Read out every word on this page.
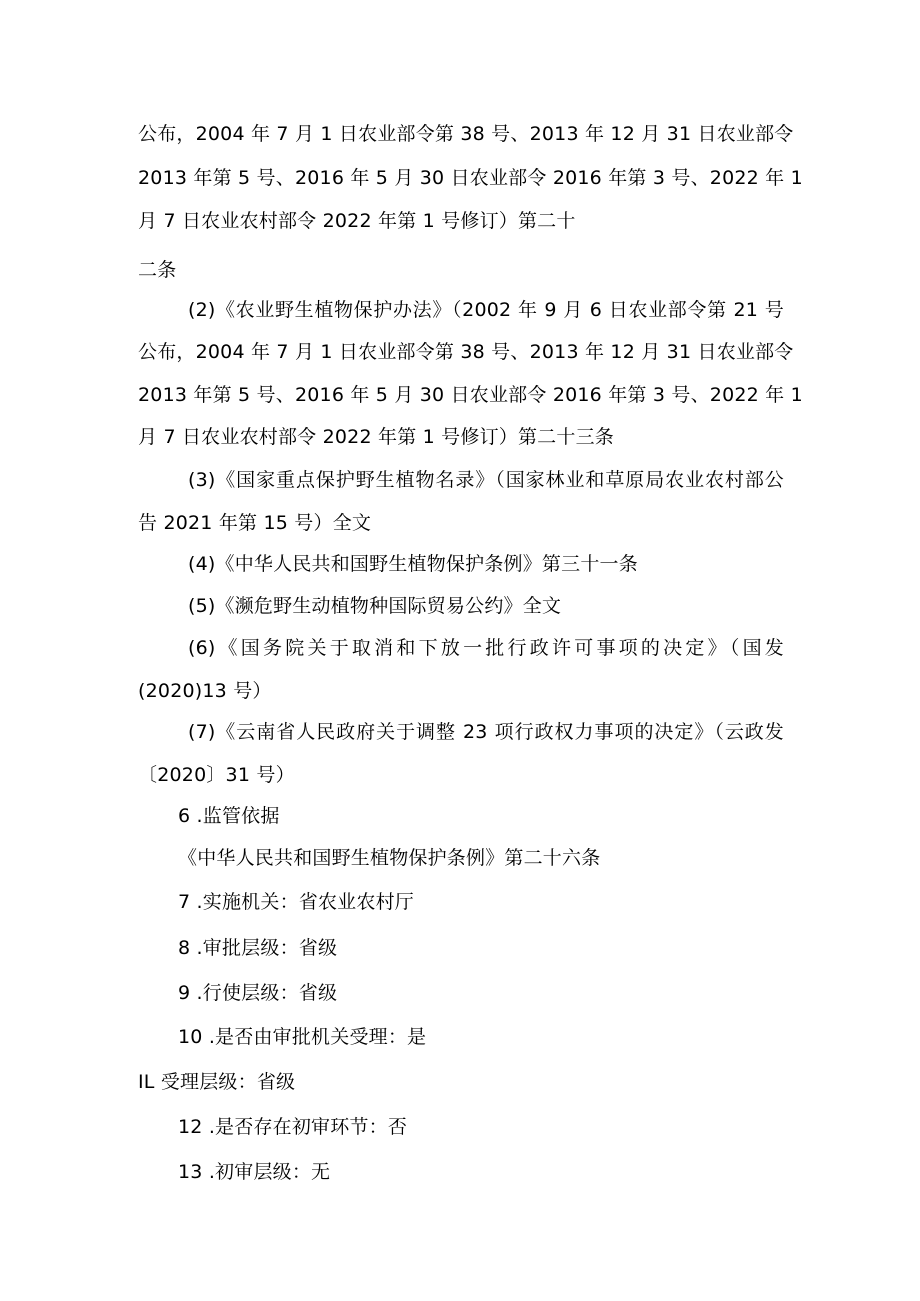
公布，2004 年 7 月 1 日农业部令第 38 号、2013 年 12 月 31 日农业部令
2013 年第 5 号、2016 年 5 月 30 日农业部令 2016 年第 3 号、2022 年 1
月 7 日农业农村部令 2022 年第 1 号修订）第二十
二条
(2)《农业野生植物保护办法》（2002 年 9 月 6 日农业部令第 21 号
公布，2004 年 7 月 1 日农业部令第 38 号、2013 年 12 月 31 日农业部令
2013 年第 5 号、2016 年 5 月 30 日农业部令 2016 年第 3 号、2022 年 1
月 7 日农业农村部令 2022 年第 1 号修订）第二十三条
(3)《国家重点保护野生植物名录》（国家林业和草原局农业农村部公
告 2021 年第 15 号）全文
(4)《中华人民共和国野生植物保护条例》第三十一条
(5)《濒危野生动植物种国际贸易公约》全文
(6)《国务院关于取消和下放一批行政许可事项的决定》（国发
(2020)13 号）
(7)《云南省人民政府关于调整 23 项行政权力事项的决定》（云政发
〔2020〕31 号）
6 .监管依据
《中华人民共和国野生植物保护条例》第二十六条
7 .实施机关：省农业农村厅
8 .审批层级：省级
9 .行使层级：省级
10 .是否由审批机关受理：是
IL 受理层级：省级
12 .是否存在初审环节：否
13 .初审层级：无
